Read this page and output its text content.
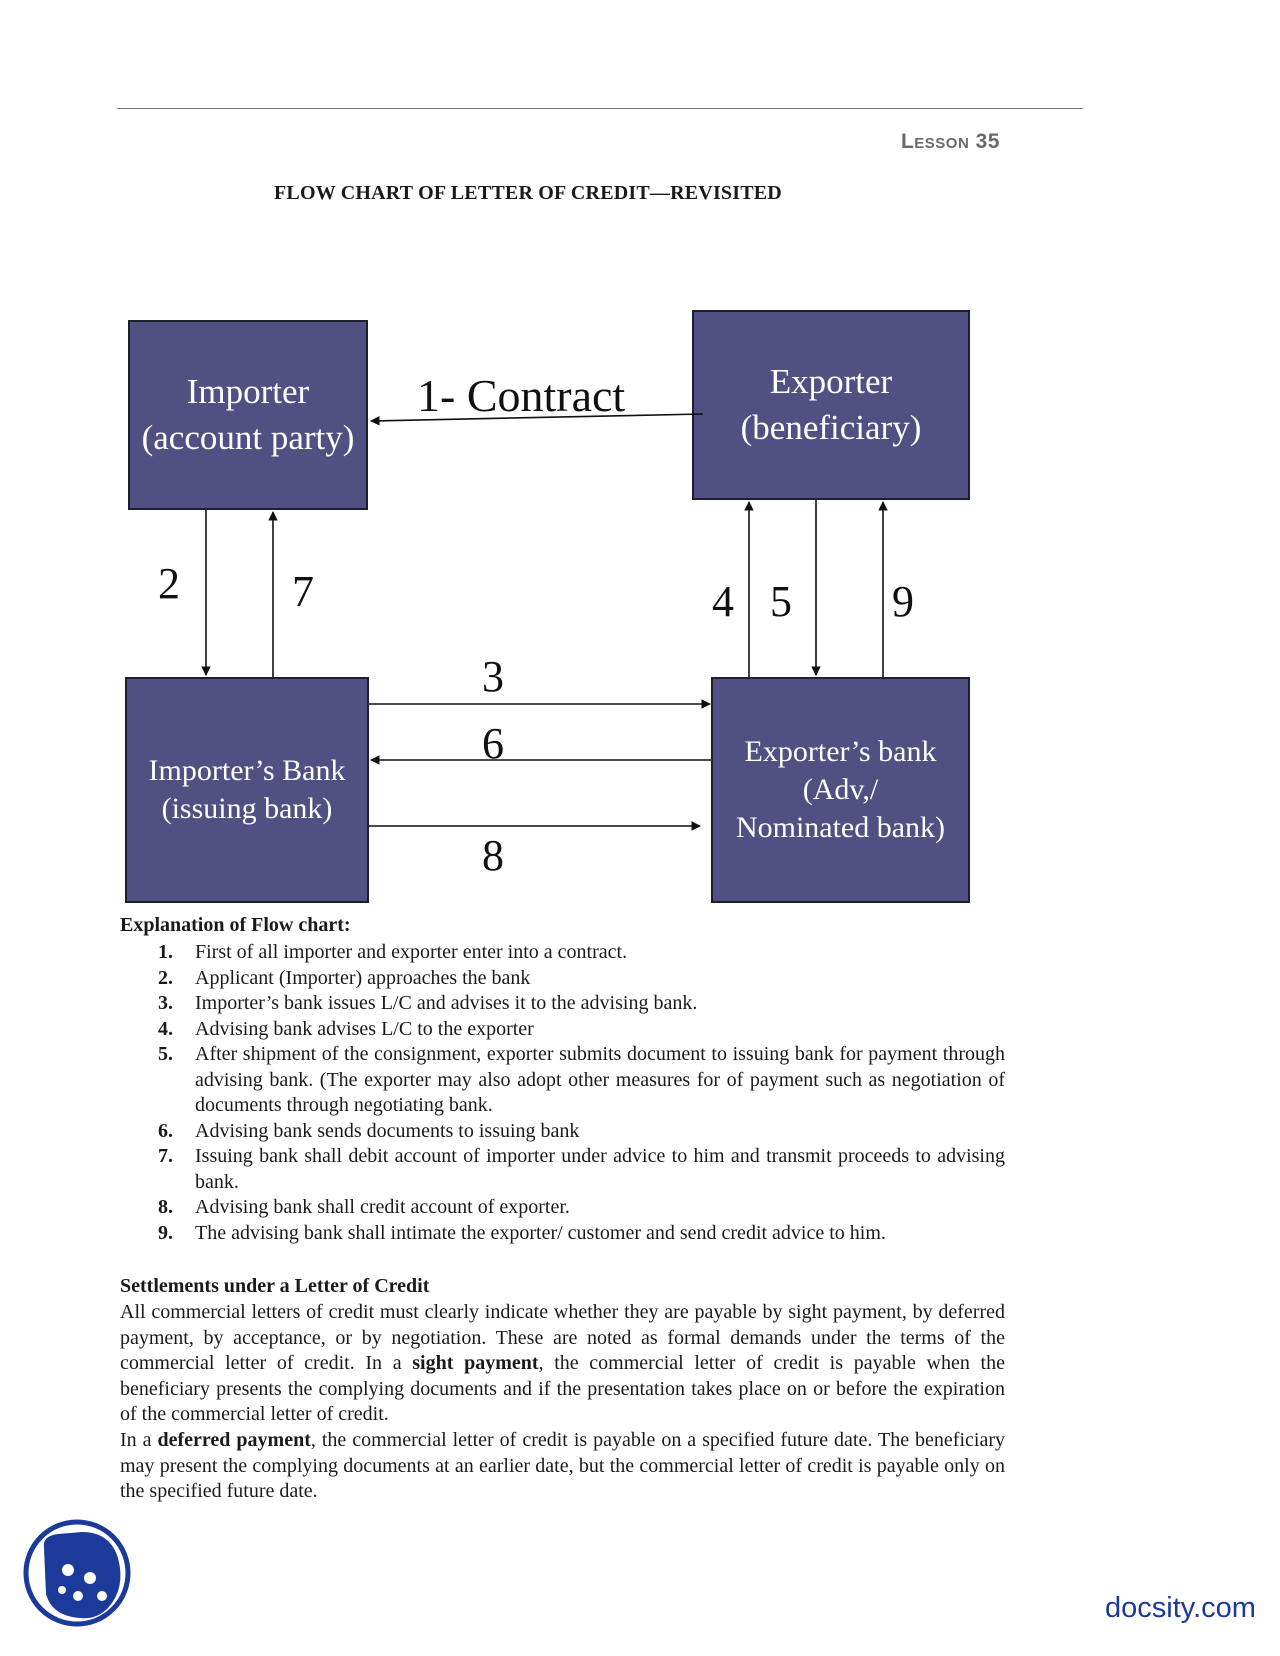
Lesson 35
FLOW CHART OF LETTER OF CREDIT—REVISITED
Importer
(account party)
Exporter
(beneficiary)
Importer’s Bank
(issuing bank)
Exporter’s bank
(Adv,/
Nominated bank)
1- Contract
2	7	4 5 9
3
6
8
Explanation of Flow chart:
1. First of all importer and exporter enter into a contract.
2. Applicant (Importer) approaches the bank
3. Importer’s bank issues L/C and advises it to the advising bank.
4. Advising bank advises L/C to the exporter
5. After shipment of the consignment, exporter submits document to issuing bank for payment through advising bank. (The exporter may also adopt other measures for of payment such as negotiation of documents through negotiating bank.
6. Advising bank sends documents to issuing bank
7. Issuing bank shall debit account of importer under advice to him and transmit proceeds to advising bank.
8. Advising bank shall credit account of exporter.
9. The advising bank shall intimate the exporter/ customer and send credit advice to him.
Settlements under a Letter of Credit

All commercial letters of credit must clearly indicate whether they are payable by sight payment, by deferred payment, by acceptance, or by negotiation. These are noted as formal demands under the terms of the commercial letter of credit. In a sight payment, the commercial letter of credit is payable when the beneficiary presents the complying documents and if the presentation takes place on or before the expiration of the commercial letter of credit.

In a deferred payment, the commercial letter of credit is payable on a specified future date. The beneficiary may present the complying documents at an earlier date, but the commercial letter of credit is payable only on the specified future date.

docsity.com
